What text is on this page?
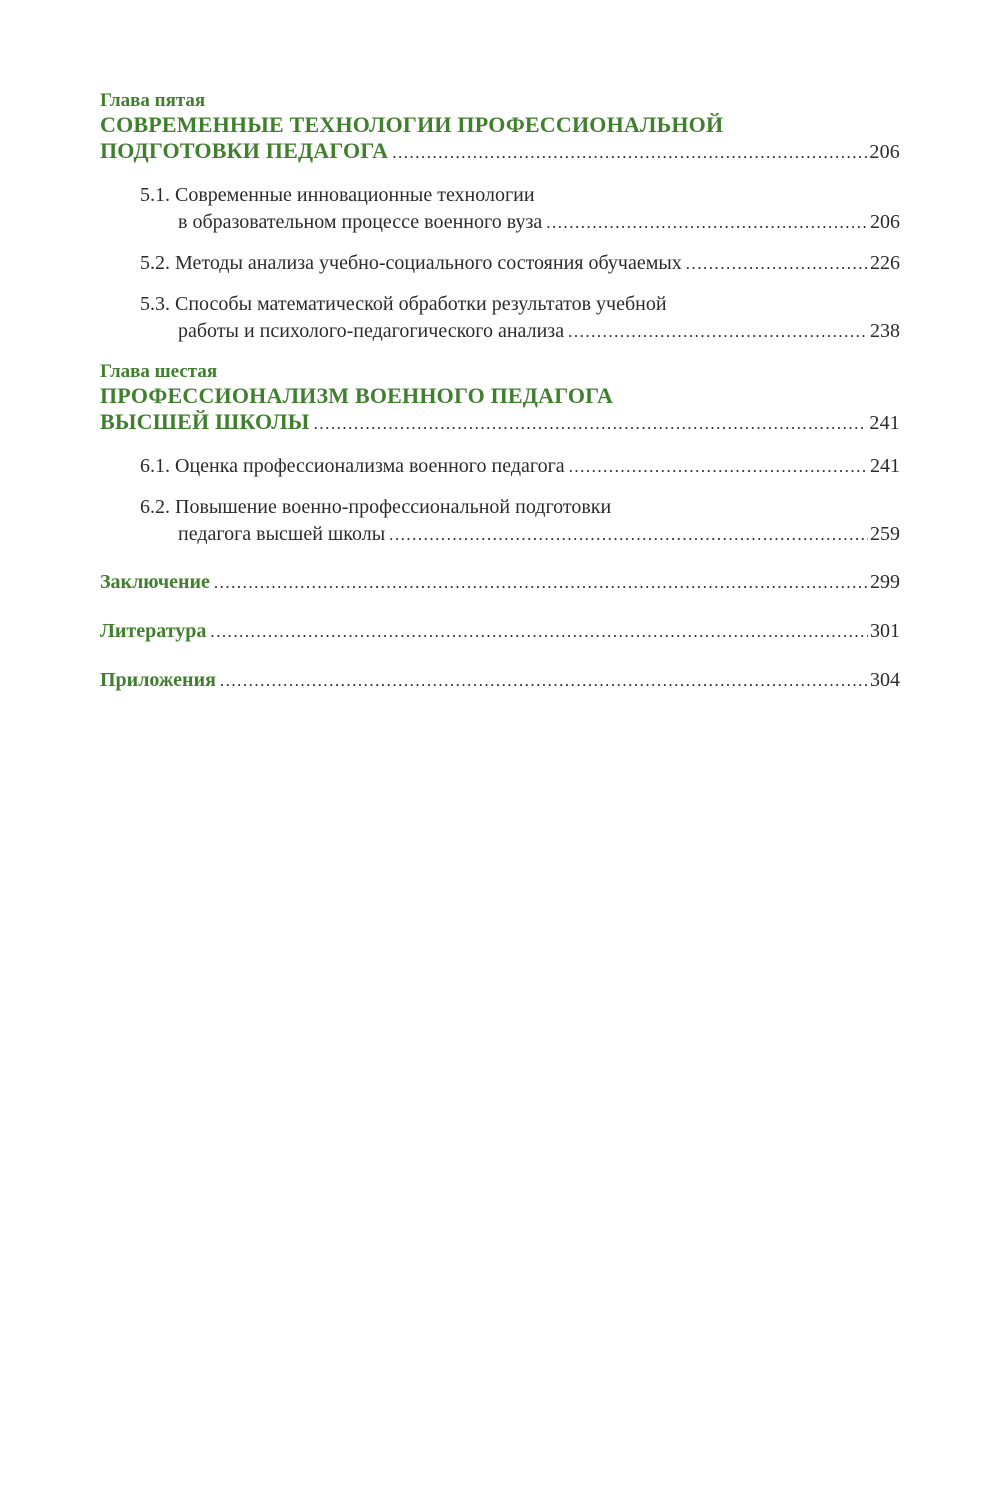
Глава пятая
СОВРЕМЕННЫЕ ТЕХНОЛОГИИ ПРОФЕССИОНАЛЬНОЙ
ПОДГОТОВКИ ПЕДАГОГА .....	206
5.1. Современные инновационные технологии
в образовательном процессе военного вуза .....	206
5.2. Методы анализа учебно-социального состояния обучаемых .....	226
5.3. Способы математической обработки результатов учебной
работы и психолого-педагогического анализа .....	238
Глава шестая
ПРОФЕССИОНАЛИЗМ ВОЕННОГО ПЕДАГОГА
ВЫСШЕЙ ШКОЛЫ .....	241
6.1. Оценка профессионализма военного педагога .....	241
6.2. Повышение военно-профессиональной подготовки
педагога высшей школы .....	259
Заключение .....	299
Литература .....	301
Приложения .....	304
